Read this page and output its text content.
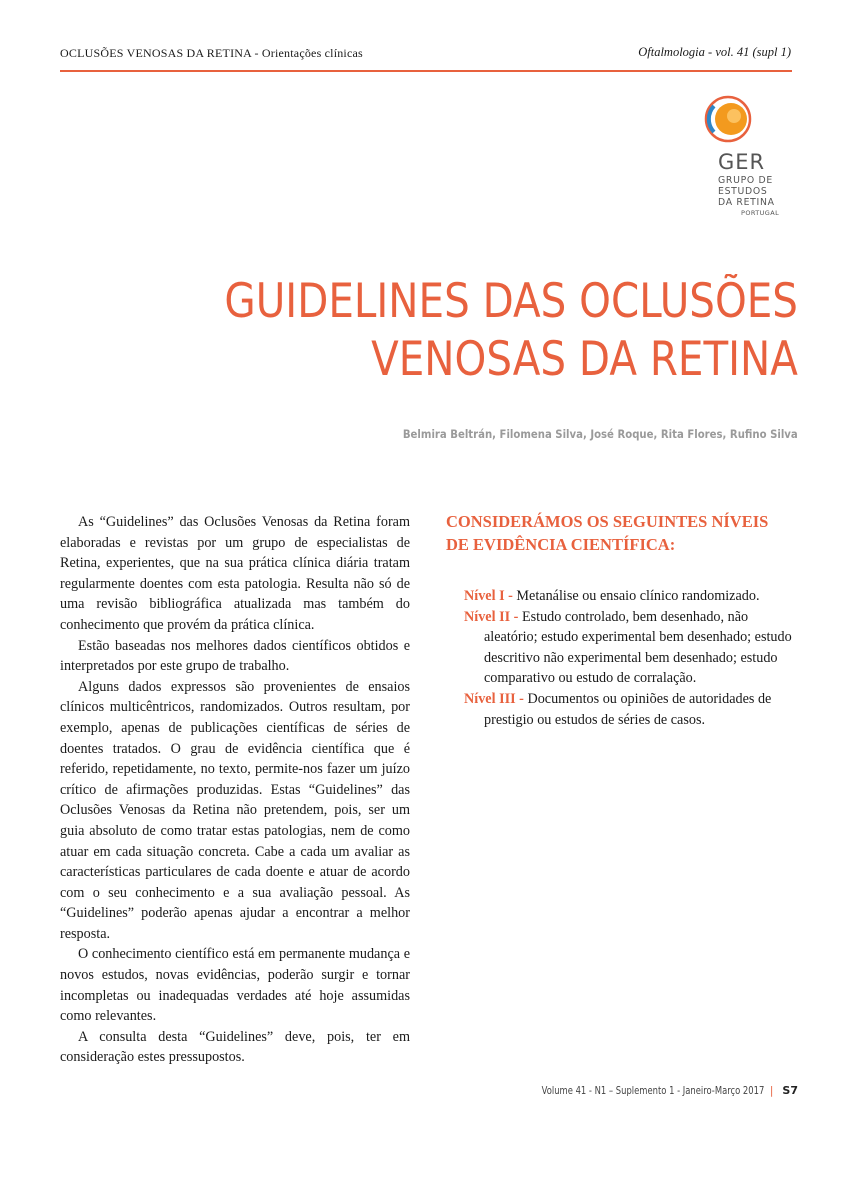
OCLUSÕES VENOSAS DA RETINA - Orientações clínicas	Oftalmologia - vol. 41 (supl 1)
GER
GRUPO DE
ESTUDOS
DA RETINA
PORTUGAL
GUIDELINES DAS OCLUSÕES
VENOSAS DA RETINA
Belmira Beltrán, Filomena Silva, José Roque, Rita Flores, Rufino Silva

As “Guidelines” das Oclusões Venosas da Retina foram elaboradas e revistas por um grupo de especialistas de Retina, experientes, que na sua prática clínica diária tratam regularmente doentes com esta patologia. Resulta não só de uma revisão bibliográfica atualizada mas também do conhecimento que provém da prática clínica.

Estão baseadas nos melhores dados científicos obtidos e interpretados por este grupo de trabalho.

Alguns dados expressos são provenientes de ensaios clínicos multicêntricos, randomizados. Outros resultam, por exemplo, apenas de publicações científicas de séries de doentes tratados. O grau de evidência científica que é referido, repetidamente, no texto, permite-nos fazer um juízo crítico de afirmações produzidas. Estas “Guidelines” das Oclusões Venosas da Retina não pretendem, pois, ser um guia absoluto de como tratar estas patologias, nem de como atuar em cada situação concreta. Cabe a cada um avaliar as características particulares de cada doente e atuar de acordo com o seu conhecimento e a sua avaliação pessoal. As “Guidelines” poderão apenas ajudar a encontrar a melhor resposta.

O conhecimento científico está em permanente mudança e novos estudos, novas evidências, poderão surgir e tornar incompletas ou inadequadas verdades até hoje assumidas como relevantes.

A consulta desta “Guidelines” deve, pois, ter em consideração estes pressupostos.

CONSIDERÁMOS OS SEGUINTES NÍVEIS
DE EVIDÊNCIA CIENTÍFICA:

Nível I - Metanálise ou ensaio clínico randomizado.

Nível II - Estudo controlado, bem desenhado, não aleatório; estudo experimental bem desenhado; estudo descritivo não experimental bem desenhado; estudo comparativo ou estudo de corralação.

Nível III - Documentos ou opiniões de autoridades de prestigio ou estudos de séries de casos.

Volume 41 - N1 – Suplemento 1 - Janeiro-Março 2017 | S7
